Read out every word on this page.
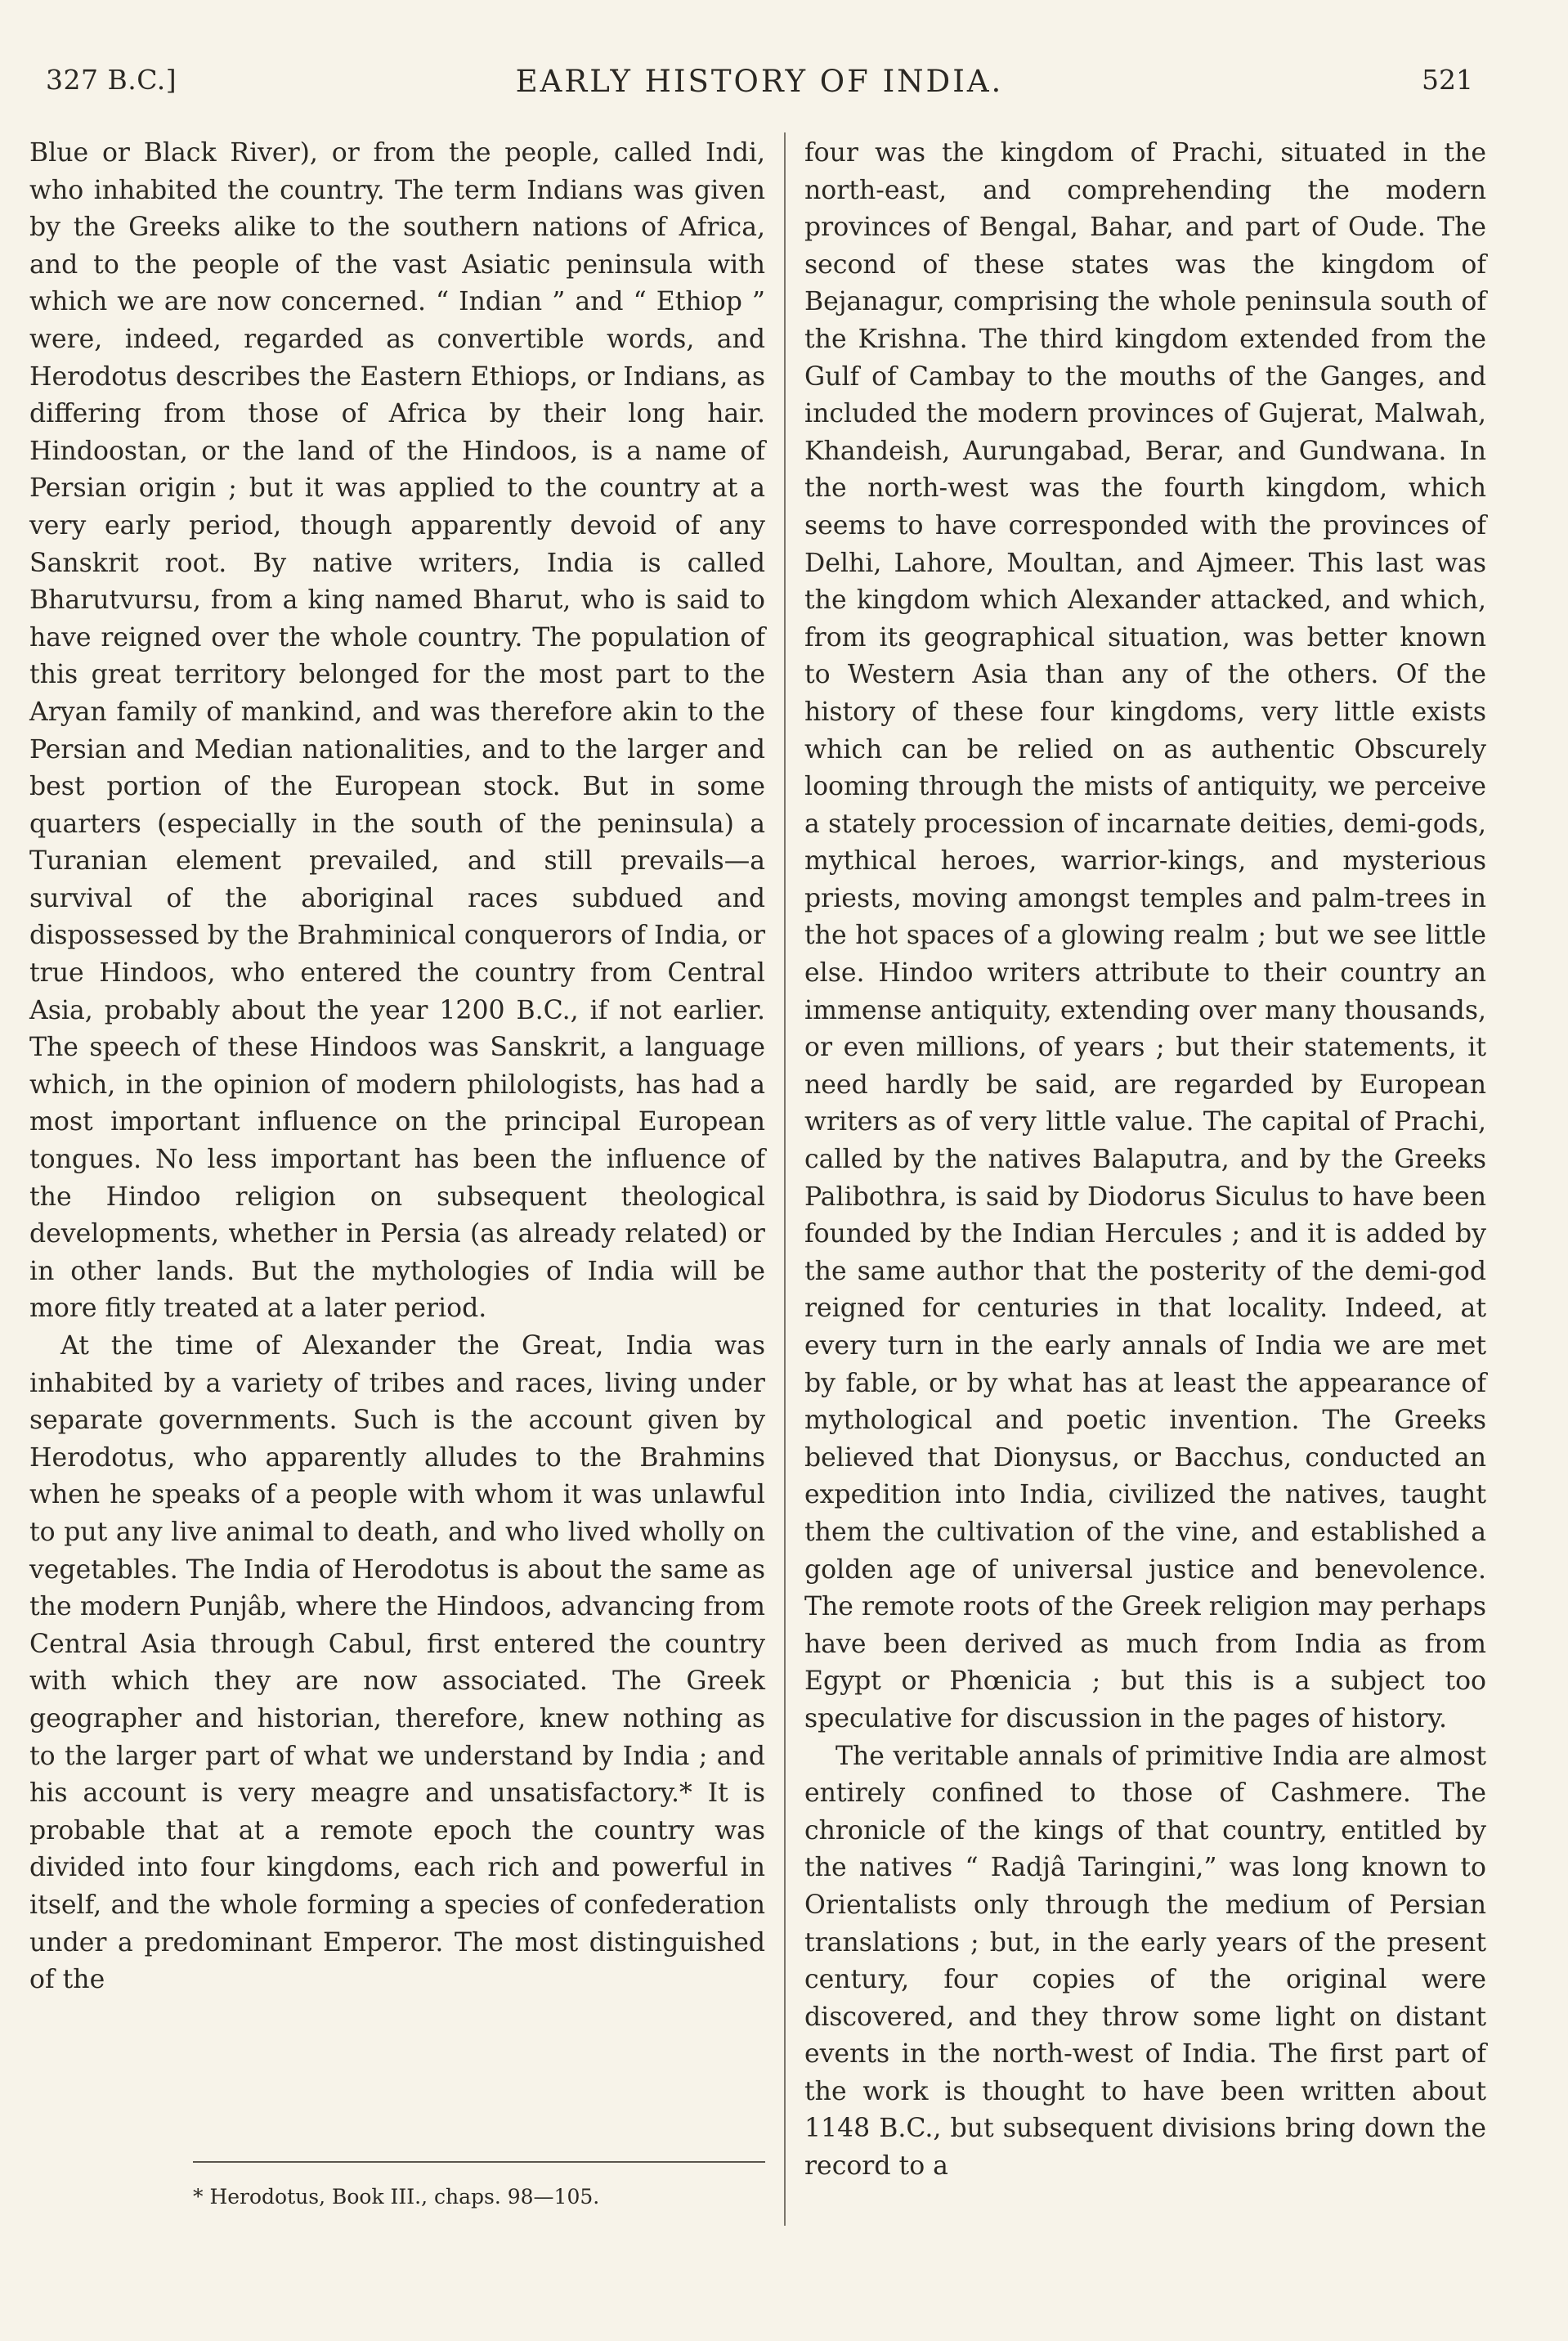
327 B.C.]	EARLY HISTORY OF INDIA.	521

Blue or Black River), or from the people, called Indi, who inhabited the country. The term Indians was given by the Greeks alike to the southern nations of Africa, and to the people of the vast Asiatic peninsula with which we are now concerned. “ Indian ” and “ Ethiop ” were, indeed, regarded as convertible words, and Herodotus describes the Eastern Ethiops, or Indians, as differing from those of Africa by their long hair. Hindoostan, or the land of the Hindoos, is a name of Persian origin ; but it was applied to the country at a very early period, though apparently devoid of any Sanskrit root. By native writers, India is called Bharutvursu, from a king named Bharut, who is said to have reigned over the whole country. The population of this great territory belonged for the most part to the Aryan family of mankind, and was therefore akin to the Persian and Median nationalities, and to the larger and best portion of the European stock. But in some quarters (especially in the south of the peninsula) a Turanian element prevailed, and still prevails—a survival of the aboriginal races subdued and dispossessed by the Brahminical conquerors of India, or true Hindoos, who entered the country from Central Asia, probably about the year 1200 B.C., if not earlier. The speech of these Hindoos was Sanskrit, a language which, in the opinion of modern philologists, has had a most important influence on the principal European tongues. No less important has been the influence of the Hindoo religion on subsequent theological developments, whether in Persia (as already related) or in other lands. But the mythologies of India will be more fitly treated at a later period.

At the time of Alexander the Great, India was inhabited by a variety of tribes and races, living under separate governments. Such is the account given by Herodotus, who apparently alludes to the Brahmins when he speaks of a people with whom it was unlawful to put any live animal to death, and who lived wholly on vegetables. The India of Herodotus is about the same as the modern Punjâb, where the Hindoos, advancing from Central Asia through Cabul, first entered the country with which they are now associated. The Greek geographer and historian, therefore, knew nothing as to the larger part of what we understand by India ; and his account is very meagre and unsatisfactory.* It is probable that at a remote epoch the country was divided into four kingdoms, each rich and powerful in itself, and the whole forming a species of confederation under a predominant Emperor. The most distinguished of the

four was the kingdom of Prachi, situated in the north-east, and comprehending the modern provinces of Bengal, Bahar, and part of Oude. The second of these states was the kingdom of Bejanagur, comprising the whole peninsula south of the Krishna. The third kingdom extended from the Gulf of Cambay to the mouths of the Ganges, and included the modern provinces of Gujerat, Malwah, Khandeish, Aurungabad, Berar, and Gundwana. In the north-west was the fourth kingdom, which seems to have corresponded with the provinces of Delhi, Lahore, Moultan, and Ajmeer. This last was the kingdom which Alexander attacked, and which, from its geographical situation, was better known to Western Asia than any of the others. Of the history of these four kingdoms, very little exists which can be relied on as authentic Obscurely looming through the mists of antiquity, we perceive a stately procession of incarnate deities, demi-gods, mythical heroes, warrior-kings, and mysterious priests, moving amongst temples and palm-trees in the hot spaces of a glowing realm ; but we see little else. Hindoo writers attribute to their country an immense antiquity, extending over many thousands, or even millions, of years ; but their statements, it need hardly be said, are regarded by European writers as of very little value. The capital of Prachi, called by the natives Balaputra, and by the Greeks Palibothra, is said by Diodorus Siculus to have been founded by the Indian Hercules ; and it is added by the same author that the posterity of the demi-god reigned for centuries in that locality. Indeed, at every turn in the early annals of India we are met by fable, or by what has at least the appearance of mythological and poetic invention. The Greeks believed that Dionysus, or Bacchus, conducted an expedition into India, civilized the natives, taught them the cultivation of the vine, and established a golden age of universal justice and benevolence. The remote roots of the Greek religion may perhaps have been derived as much from India as from Egypt or Phœnicia ; but this is a subject too speculative for discussion in the pages of history.

The veritable annals of primitive India are almost entirely confined to those of Cashmere. The chronicle of the kings of that country, entitled by the natives “ Radjâ Taringini,” was long known to Orientalists only through the medium of Persian translations ; but, in the early years of the present century, four copies of the original were discovered, and they throw some light on distant events in the north-west of India. The first part of the work is thought to have been written about 1148 B.C., but subsequent divisions bring down the record to a

* Herodotus, Book III., chaps. 98—105.
